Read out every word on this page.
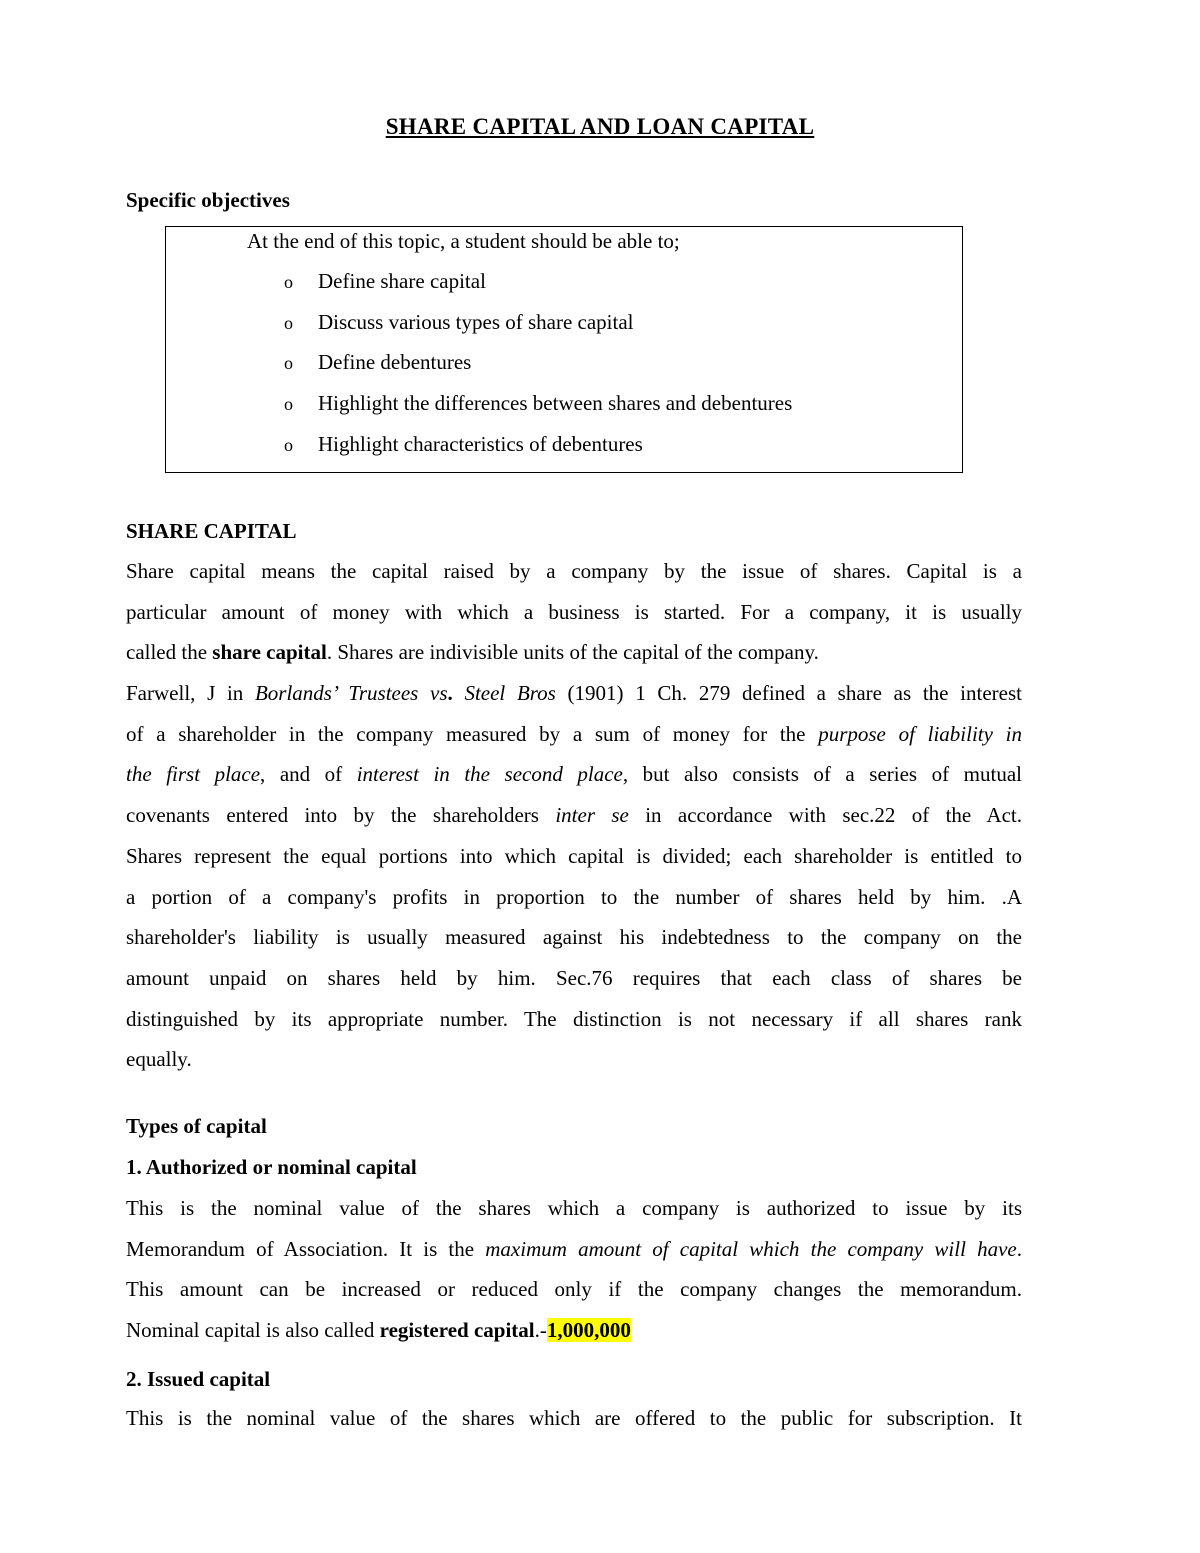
SHARE CAPITAL AND LOAN CAPITAL
Specific objectives
At the end of this topic, a student should be able to;
o Define share capital
o Discuss various types of share capital
o Define debentures
o Highlight the differences between shares and debentures
o Highlight characteristics of debentures
SHARE CAPITAL
Share capital means the capital raised by a company by the issue of shares. Capital is a
particular amount of money with which a business is started. For a company, it is usually
called the share capital. Shares are indivisible units of the capital of the company.
Farwell, J in Borlands’ Trustees vs. Steel Bros (1901) 1 Ch. 279 defined a share as the interest
of a shareholder in the company measured by a sum of money for the purpose of liability in
the first place, and of interest in the second place, but also consists of a series of mutual
covenants entered into by the shareholders inter se in accordance with sec.22 of the Act.
Shares represent the equal portions into which capital is divided; each shareholder is entitled to
a portion of a company's profits in proportion to the number of shares held by him. .A
shareholder's liability is usually measured against his indebtedness to the company on the
amount unpaid on shares held by him. Sec.76 requires that each class of shares be
distinguished by its appropriate number. The distinction is not necessary if all shares rank
equally.
Types of capital
1. Authorized or nominal capital
This is the nominal value of the shares which a company is authorized to issue by its
Memorandum of Association. It is the maximum amount of capital which the company will have.
This amount can be increased or reduced only if the company changes the memorandum.
Nominal capital is also called registered capital.-1,000,000
2. Issued capital
This is the nominal value of the shares which are offered to the public for subscription. It
